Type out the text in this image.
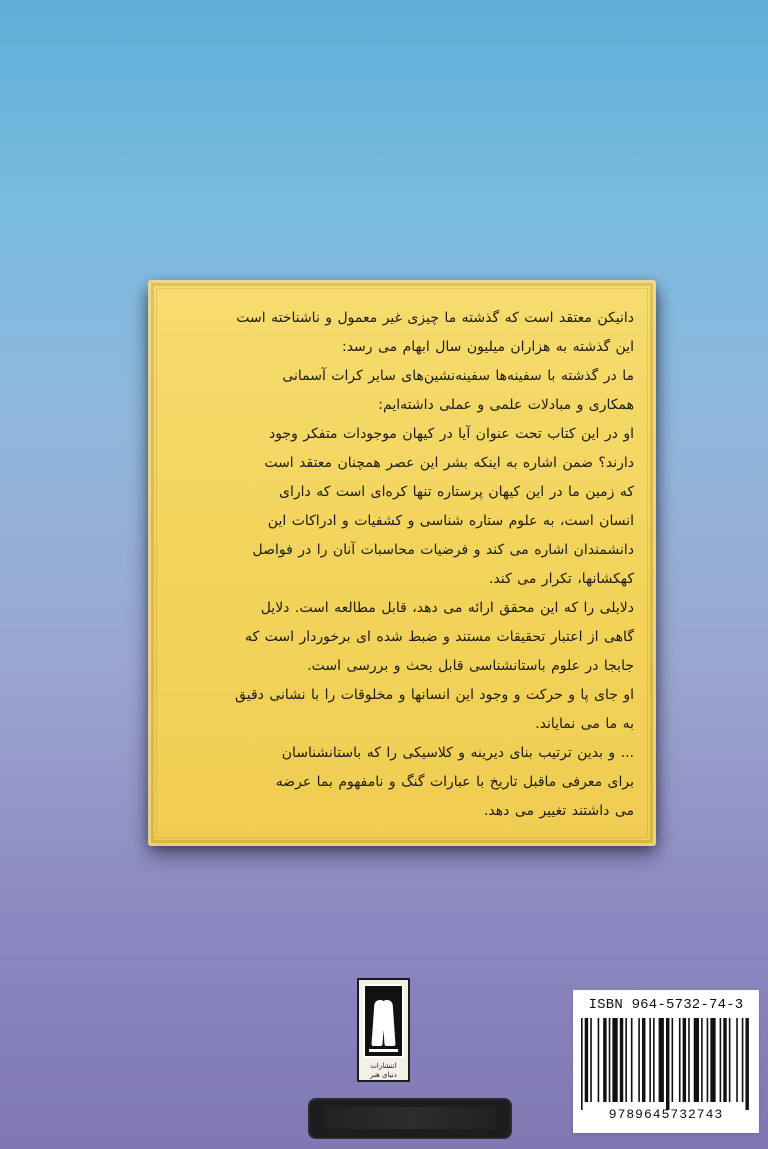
دانیکن معتقد است که گذشته ما چیزی غیر معمول و ناشناخته است
این گذشته به هزاران میلیون سال ابهام می رسد:
ما در گذشته با سفینه‌ها سفینه‌نشین‌های سایر کرات آسمانی
همکاری و مبادلات علمی و عملی داشته‌ایم:
او در این کتاب تحت عنوان آیا در کیهان موجودات متفکر وجود
دارند؟ ضمن اشاره به اینکه بشر این عصر همچنان معتقد است
که زمین ما در این کیهان پرستاره تنها کره‌ای است که دارای
انسان است، به علوم ستاره شناسی و کشفیات و ادراکات این
دانشمندان اشاره می کند و فرضیات محاسبات آنان را در فواصل
کهکشانها، تکرار می کند.
دلایلی را که این محقق ارائه می دهد، قابل مطالعه است. دلایل
گاهی از اعتبار تحقیقات مستند و ضبط شده ای برخوردار است که
جابجا در علوم باستانشناسی قابل بحث و بررسی است.
او جای پا و حرکت و وجود این انسانها و مخلوقات را با نشانی دقیق
به ما می نمایاند.
... و بدین ترتیب بنای دیرینه و کلاسیکی را که باستانشناسان
برای معرفی ماقبل تاریخ با عبارات گنگ و نامفهوم بما عرضه
می داشتند تغییر می دهد.

انتشارات دنیای هنر
ISBN 964-5732-74-3
9789645732743
